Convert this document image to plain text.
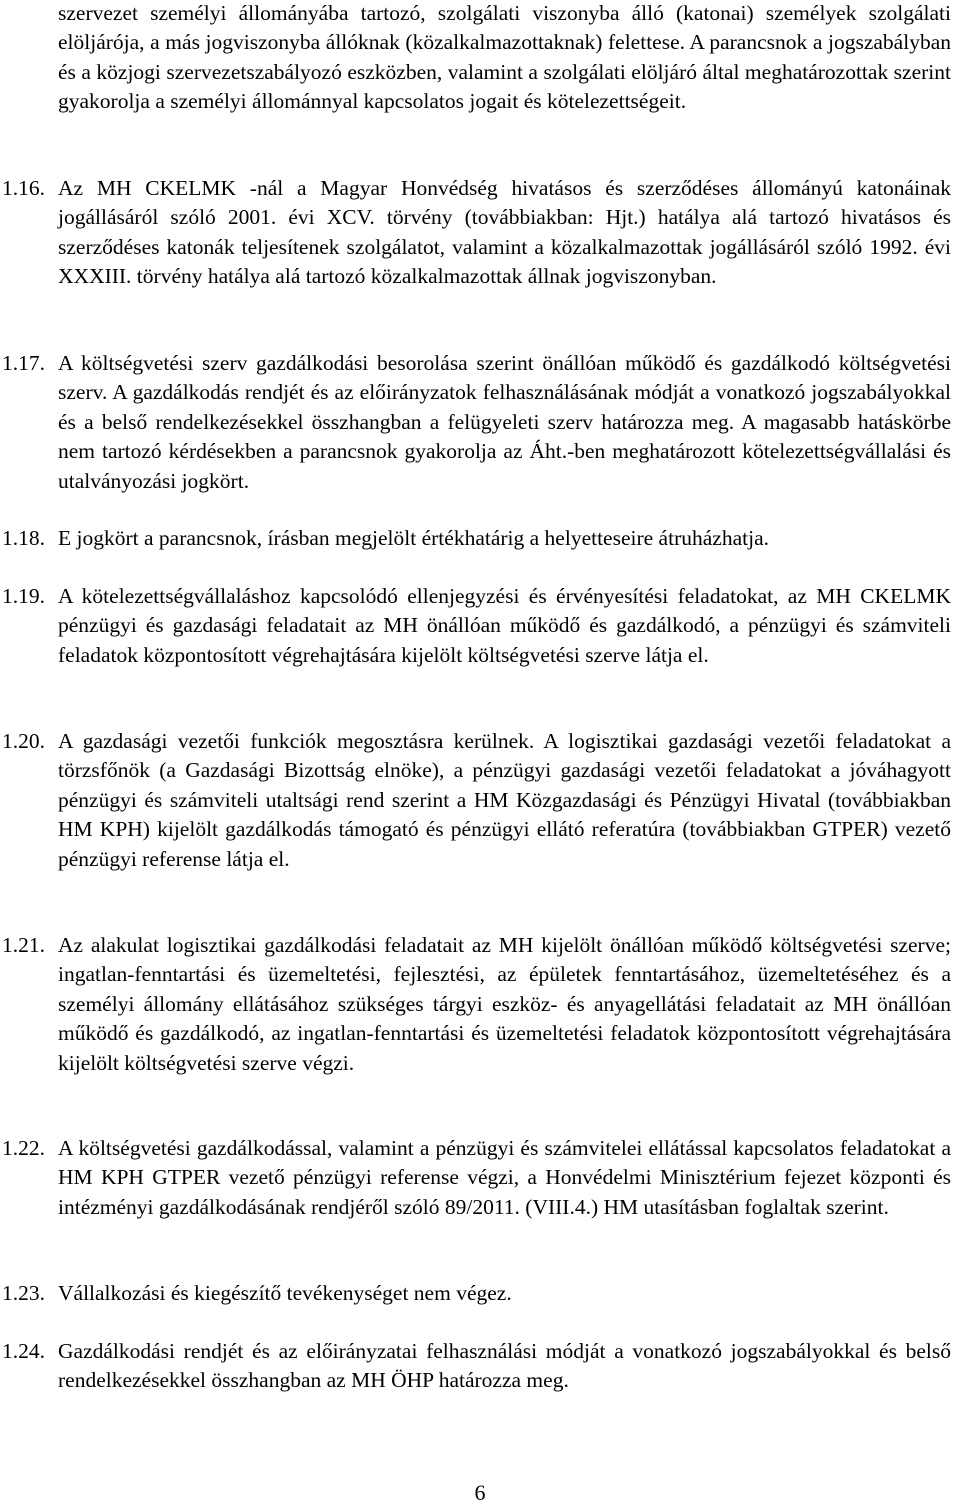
szervezet személyi állományába tartozó, szolgálati viszonyba álló (katonai) személyek szolgálati elöljárója, a más jogviszonyba állóknak (közalkalmazottaknak) felettese. A parancsnok a jogszabályban és a közjogi szervezetszabályozó eszközben, valamint a szolgálati elöljáró által meghatározottak szerint gyakorolja a személyi állománnyal kapcsolatos jogait és kötelezettségeit.
1.16. Az MH CKELMK -nál a Magyar Honvédség hivatásos és szerződéses állományú katonáinak jogállásáról szóló 2001. évi XCV. törvény (továbbiakban: Hjt.) hatálya alá tartozó hivatásos és szerződéses katonák teljesítenek szolgálatot, valamint a közalkalmazottak jogállásáról szóló 1992. évi XXXIII. törvény hatálya alá tartozó közalkalmazottak állnak jogviszonyban.
1.17. A költségvetési szerv gazdálkodási besorolása szerint önállóan működő és gazdálkodó költségvetési szerv. A gazdálkodás rendjét és az előirányzatok felhasználásának módját a vonatkozó jogszabályokkal és a belső rendelkezésekkel összhangban a felügyeleti szerv határozza meg. A magasabb hatáskörbe nem tartozó kérdésekben a parancsnok gyakorolja az Áht.-ben meghatározott kötelezettségvállalási és utalványozási jogkört.
1.18. E jogkört a parancsnok, írásban megjelölt értékhatárig a helyetteseire átruházhatja.
1.19. A kötelezettségvállaláshoz kapcsolódó ellenjegyzési és érvényesítési feladatokat, az MH CKELMK pénzügyi és gazdasági feladatait az MH önállóan működő és gazdálkodó, a pénzügyi és számviteli feladatok központosított végrehajtására kijelölt költségvetési szerve látja el.
1.20. A gazdasági vezetői funkciók megosztásra kerülnek. A logisztikai gazdasági vezetői feladatokat a törzsfőnök (a Gazdasági Bizottság elnöke), a pénzügyi gazdasági vezetői feladatokat a jóváhagyott pénzügyi és számviteli utaltsági rend szerint a HM Közgazdasági és Pénzügyi Hivatal (továbbiakban HM KPH) kijelölt gazdálkodás támogató és pénzügyi ellátó referatúra (továbbiakban GTPER) vezető pénzügyi referense látja el.
1.21. Az alakulat logisztikai gazdálkodási feladatait az MH kijelölt önállóan működő költségvetési szerve; ingatlan-fenntartási és üzemeltetési, fejlesztési, az épületek fenntartásához, üzemeltetéséhez és a személyi állomány ellátásához szükséges tárgyi eszköz- és anyagellátási feladatait az MH önállóan működő és gazdálkodó, az ingatlan-fenntartási és üzemeltetési feladatok központosított végrehajtására kijelölt költségvetési szerve végzi.
1.22. A költségvetési gazdálkodással, valamint a pénzügyi és számvitelei ellátással kapcsolatos feladatokat a HM KPH GTPER vezető pénzügyi referense végzi, a Honvédelmi Minisztérium fejezet központi és intézményi gazdálkodásának rendjéről szóló 89/2011. (VIII.4.) HM utasításban foglaltak szerint.
1.23. Vállalkozási és kiegészítő tevékenységet nem végez.
1.24. Gazdálkodási rendjét és az előirányzatai felhasználási módját a vonatkozó jogszabályokkal és belső rendelkezésekkel összhangban az MH ÖHP határozza meg.
6
